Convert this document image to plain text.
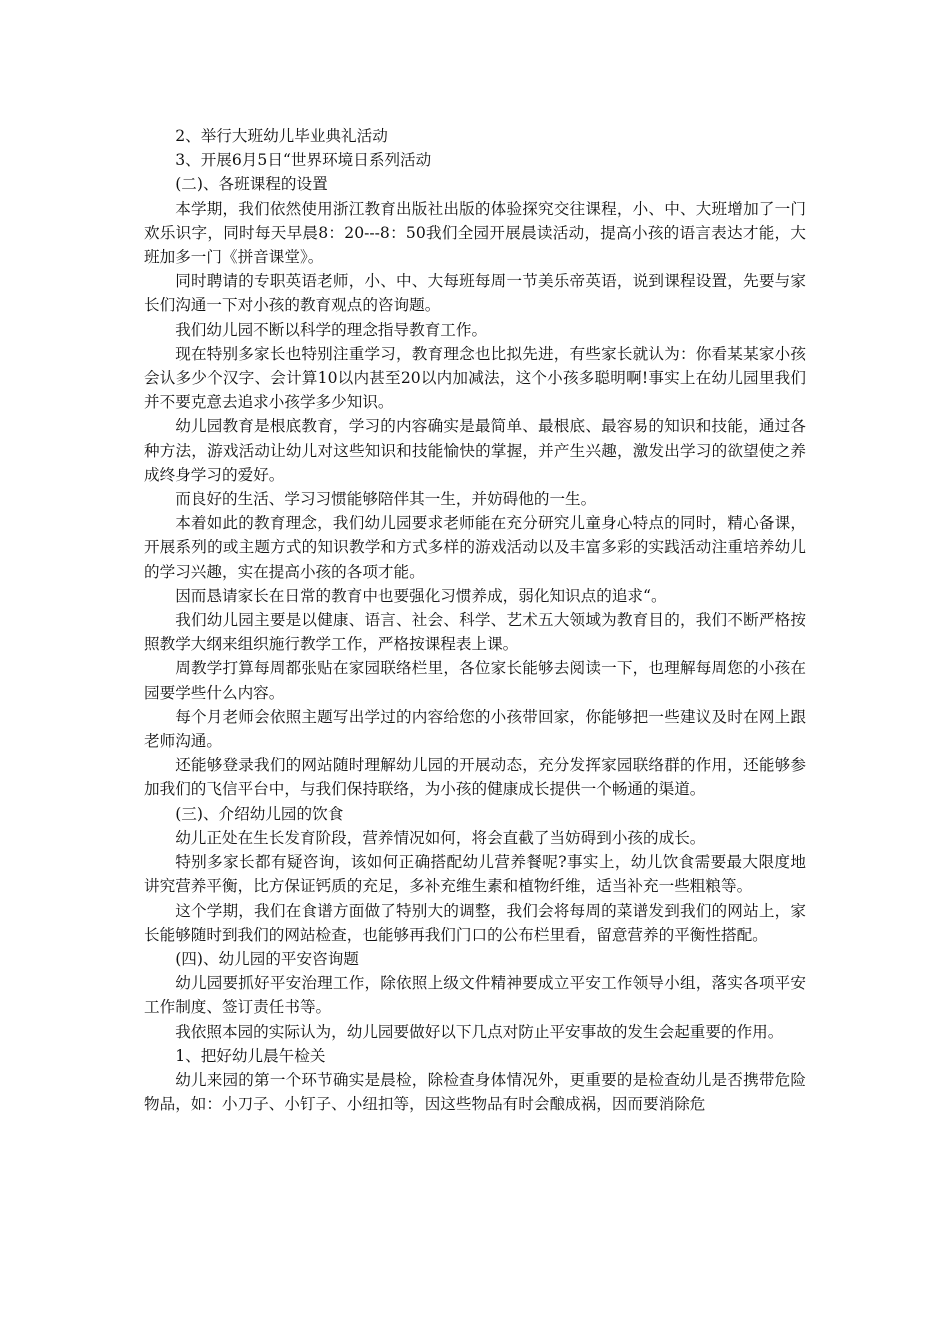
2、举行大班幼儿毕业典礼活动

3、开展6月5日“世界环境日系列活动

(二)、各班课程的设置

本学期，我们依然使用浙江教育出版社出版的体验探究交往课程，小、中、大班增加了一门欢乐识字，同时每天早晨8：20---8：50我们全园开展晨读活动，提高小孩的语言表达才能，大班加多一门《拼音课堂》。

同时聘请的专职英语老师，小、中、大每班每周一节美乐帝英语，说到课程设置，先要与家长们沟通一下对小孩的教育观点的咨询题。

我们幼儿园不断以科学的理念指导教育工作。

现在特别多家长也特别注重学习，教育理念也比拟先进，有些家长就认为：你看某某家小孩会认多少个汉字、会计算10以内甚至20以内加减法，这个小孩多聪明啊!事实上在幼儿园里我们并不要克意去追求小孩学多少知识。

幼儿园教育是根底教育，学习的内容确实是最简单、最根底、最容易的知识和技能，通过各种方法，游戏活动让幼儿对这些知识和技能愉快的掌握，并产生兴趣，激发出学习的欲望使之养成终身学习的爱好。

而良好的生活、学习习惯能够陪伴其一生，并妨碍他的一生。

本着如此的教育理念，我们幼儿园要求老师能在充分研究儿童身心特点的同时，精心备课，开展系列的或主题方式的知识教学和方式多样的游戏活动以及丰富多彩的实践活动注重培养幼儿的学习兴趣，实在提高小孩的各项才能。

因而恳请家长在日常的教育中也要强化习惯养成，弱化知识点的追求“。

我们幼儿园主要是以健康、语言、社会、科学、艺术五大领域为教育目的，我们不断严格按照教学大纲来组织施行教学工作，严格按课程表上课。

周教学打算每周都张贴在家园联络栏里，各位家长能够去阅读一下，也理解每周您的小孩在园要学些什么内容。

每个月老师会依照主题写出学过的内容给您的小孩带回家，你能够把一些建议及时在网上跟老师沟通。

还能够登录我们的网站随时理解幼儿园的开展动态，充分发挥家园联络群的作用，还能够参加我们的飞信平台中，与我们保持联络，为小孩的健康成长提供一个畅通的渠道。

(三)、介绍幼儿园的饮食

幼儿正处在生长发育阶段，营养情况如何，将会直截了当妨碍到小孩的成长。

特别多家长都有疑咨询，该如何正确搭配幼儿营养餐呢?事实上，幼儿饮食需要最大限度地讲究营养平衡，比方保证钙质的充足，多补充维生素和植物纤维，适当补充一些粗粮等。

这个学期，我们在食谱方面做了特别大的调整，我们会将每周的菜谱发到我们的网站上，家长能够随时到我们的网站检查，也能够再我们门口的公布栏里看，留意营养的平衡性搭配。

(四)、幼儿园的平安咨询题

幼儿园要抓好平安治理工作，除依照上级文件精神要成立平安工作领导小组，落实各项平安工作制度、签订责任书等。

我依照本园的实际认为，幼儿园要做好以下几点对防止平安事故的发生会起重要的作用。

1、把好幼儿晨午检关

幼儿来园的第一个环节确实是晨检，除检查身体情况外，更重要的是检查幼儿是否携带危险物品，如：小刀子、小钉子、小纽扣等，因这些物品有时会酿成祸，因而要消除危
